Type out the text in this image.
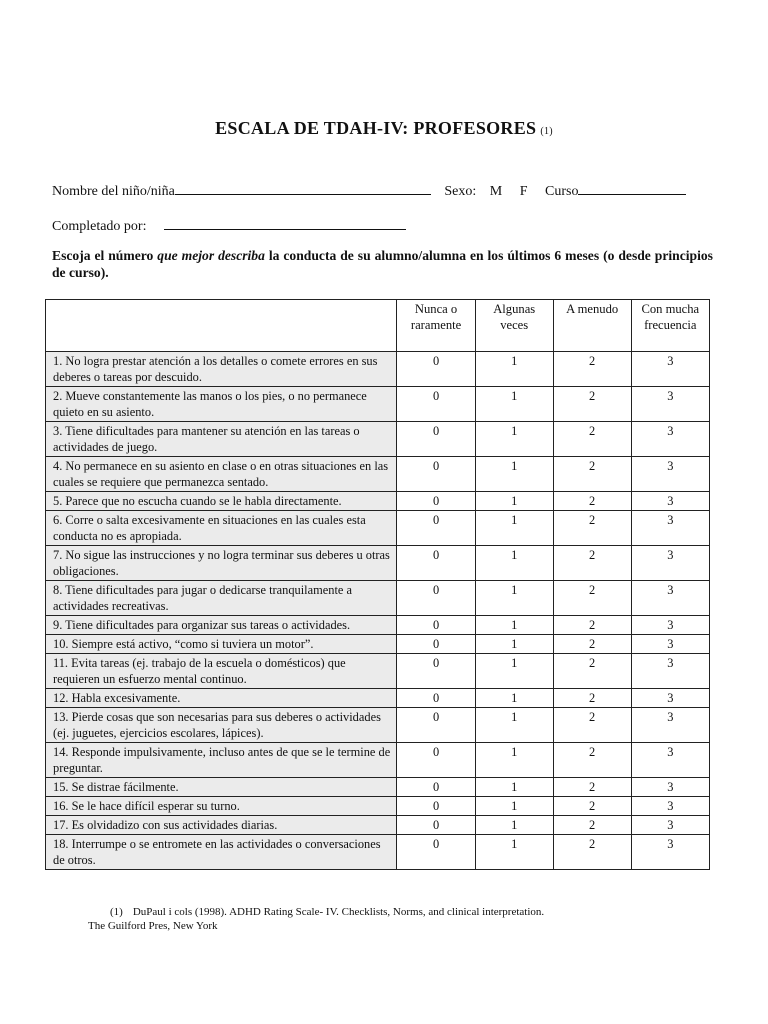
ESCALA DE TDAH-IV: PROFESORES (1)
Nombre del niño/niña	Sexo: M F Curso
Completado por:
Escoja el número que mejor describa la conducta de su alumno/alumna en los últimos 6 meses (o desde principios de curso).
	Nunca o raramente	Algunas veces	A menudo	Con mucha frecuencia
1. No logra prestar atención a los detalles o comete errores en sus deberes o tareas por descuido.	0	1	2	3
2. Mueve constantemente las manos o los pies, o no permanece quieto en su asiento.	0	1	2	3
3. Tiene dificultades para mantener su atención en las tareas o actividades de juego.	0	1	2	3
4. No permanece en su asiento en clase o en otras situaciones en las cuales se requiere que permanezca sentado.	0	1	2	3
5. Parece que no escucha cuando se le habla directamente.	0	1	2	3
6. Corre o salta excesivamente en situaciones en las cuales esta conducta no es apropiada.	0	1	2	3
7. No sigue las instrucciones y no logra terminar sus deberes u otras obligaciones.	0	1	2	3
8. Tiene dificultades para jugar o dedicarse tranquilamente a actividades recreativas.	0	1	2	3
9. Tiene dificultades para organizar sus tareas o actividades.	0	1	2	3
10. Siempre está activo, “como si tuviera un motor”.	0	1	2	3
11. Evita tareas (ej. trabajo de la escuela o domésticos) que requieren un esfuerzo mental continuo.	0	1	2	3
12. Habla excesivamente.	0	1	2	3
13. Pierde cosas que son necesarias para sus deberes o actividades (ej. juguetes, ejercicios escolares, lápices).	0	1	2	3
14. Responde impulsivamente, incluso antes de que se le termine de preguntar.	0	1	2	3
15. Se distrae fácilmente.	0	1	2	3
16. Se le hace difícil esperar su turno.	0	1	2	3
17. Es olvidadizo con sus actividades diarias.	0	1	2	3
18. Interrumpe o se entromete en las actividades o conversaciones de otros.	0	1	2	3
(1) DuPaul i cols (1998). ADHD Rating Scale- IV. Checklists, Norms, and clinical interpretation.
The Guilford Pres, New York
